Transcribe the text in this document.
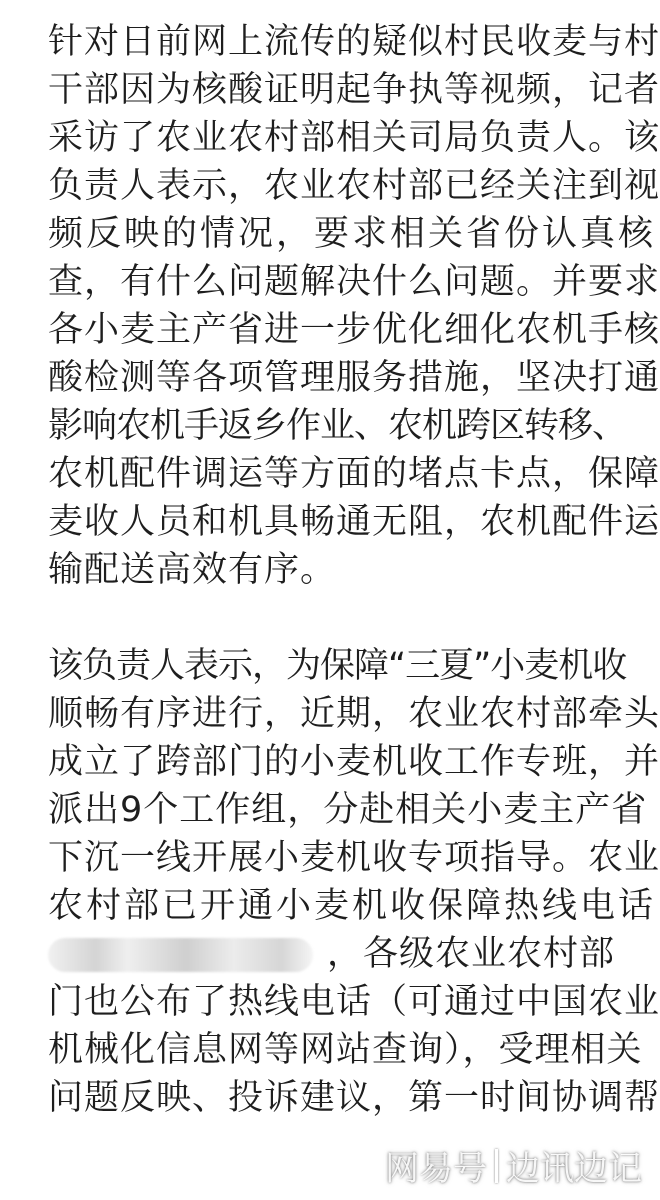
针对日前网上流传的疑似村民收麦与村
干部因为核酸证明起争执等视频，记者
采访了农业农村部相关司局负责人。该
负责人表示，农业农村部已经关注到视
频反映的情况，要求相关省份认真核
查，有什么问题解决什么问题。并要求
各小麦主产省进一步优化细化农机手核
酸检测等各项管理服务措施，坚决打通
影响农机手返乡作业、农机跨区转移、
农机配件调运等方面的堵点卡点，保障
麦收人员和机具畅通无阻，农机配件运
输配送高效有序。
该负责人表示，为保障“三夏”小麦机收
顺畅有序进行，近期，农业农村部牵头
成立了跨部门的小麦机收工作专班，并
派出9个工作组，分赴相关小麦主产省
下沉一线开展小麦机收专项指导。农业
农村部已开通小麦机收保障热线电话
，各级农业农村部
门也公布了热线电话（可通过中国农业
机械化信息网等网站查询），受理相关
问题反映、投诉建议，第一时间协调帮
网易号 边讯边记
